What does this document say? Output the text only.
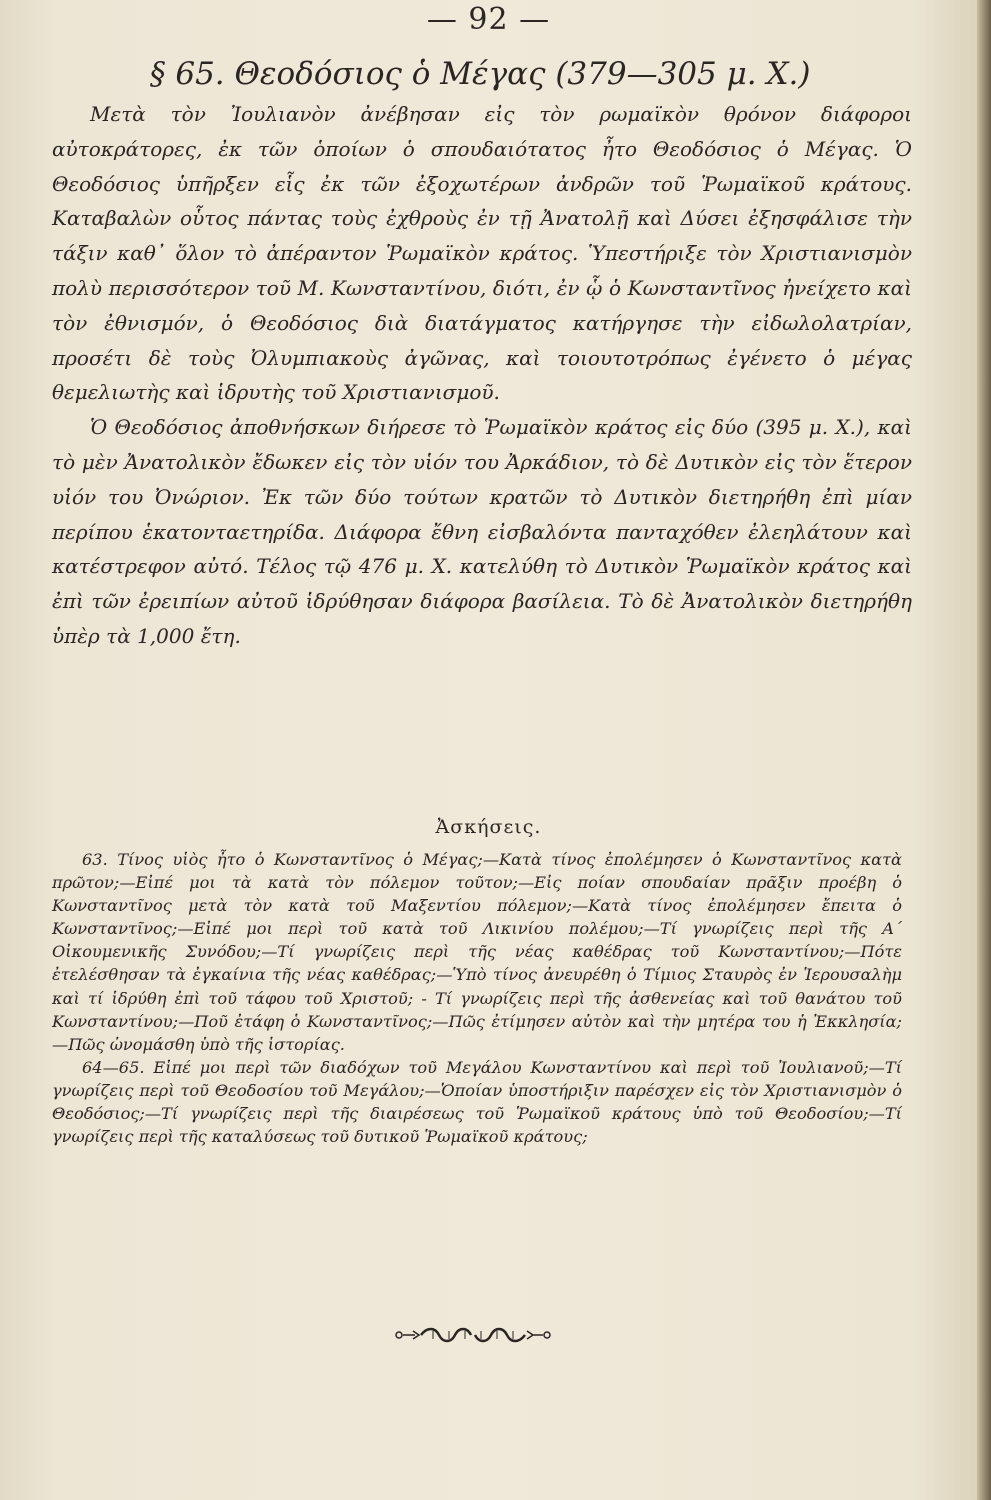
— 92 —
§ 65. Θεοδόσιος ὁ Μέγας (379—305 μ. Χ.)

Μετὰ τὸν Ἰουλιανὸν ἀνέβησαν εἰς τὸν ρωμαϊκὸν θρόνον διάφοροι αὐτοκράτορες, ἐκ τῶν ὁποίων ὁ σπουδαιότατος ἦτο Θεοδόσιος ὁ Μέγας. Ὁ Θεοδόσιος ὑπῆρξεν εἷς ἐκ τῶν ἐξοχωτέρων ἀνδρῶν τοῦ Ῥωμαϊκοῦ κράτους. Καταβαλὼν οὗτος πάντας τοὺς ἐχθροὺς ἐν τῇ Ἀνατολῇ καὶ Δύσει ἐξησφάλισε τὴν τάξιν καθ᾽ ὅλον τὸ ἀπέραντον Ῥωμαϊκὸν κράτος. Ὑπεστήριξε τὸν Χριστιανισμὸν πολὺ περισσότερον τοῦ Μ. Κωνσταντίνου, διότι, ἐν ᾧ ὁ Κωνσταντῖνος ἠνείχετο καὶ τὸν ἐθνισμόν, ὁ Θεοδόσιος διὰ διατάγματος κατήργησε τὴν εἰδωλολατρίαν, προσέτι δὲ τοὺς Ὀλυμπιακοὺς ἀγῶνας, καὶ τοιουτοτρόπως ἐγένετο ὁ μέγας θεμελιωτὴς καὶ ἱδρυτὴς τοῦ Χριστιανισμοῦ.

Ὁ Θεοδόσιος ἀποθνήσκων διήρεσε τὸ Ῥωμαϊκὸν κράτος εἰς δύο (395 μ. Χ.), καὶ τὸ μὲν Ἀνατολικὸν ἔδωκεν εἰς τὸν υἱόν του Ἀρκάδιον, τὸ δὲ Δυτικὸν εἰς τὸν ἕτερον υἱόν του Ὀνώριον. Ἐκ τῶν δύο τούτων κρατῶν τὸ Δυτικὸν διετηρήθη ἐπὶ μίαν περίπου ἑκατονταετηρίδα. Διάφορα ἔθνη εἰσβαλόντα πανταχόθεν ἐλεηλάτουν καὶ κατέστρεφον αὐτό. Τέλος τῷ 476 μ. Χ. κατελύθη τὸ Δυτικὸν Ῥωμαϊκὸν κράτος καὶ ἐπὶ τῶν ἐρειπίων αὐτοῦ ἱδρύθησαν διάφορα βασίλεια. Τὸ δὲ Ἀνατολικὸν διετηρήθη ὑπὲρ τὰ 1,000 ἔτη.

Ἀσκήσεις.

63. Τίνος υἱὸς ἦτο ὁ Κωνσταντῖνος ὁ Μέγας;—Κατὰ τίνος ἐπολέμησεν ὁ Κωνσταντῖνος κατὰ πρῶτον;—Εἰπέ μοι τὰ κατὰ τὸν πόλεμον τοῦτον;—Εἰς ποίαν σπουδαίαν πρᾶξιν προέβη ὁ Κωνσταντῖνος μετὰ τὸν κατὰ τοῦ Μαξεντίου πόλεμον;—Κατὰ τίνος ἐπολέμησεν ἔπειτα ὁ Κωνσταντῖνος;—Εἰπέ μοι περὶ τοῦ κατὰ τοῦ Λικινίου πολέμου;—Τί γνωρίζεις περὶ τῆς Α΄ Οἰκουμενικῆς Συνόδου;—Τί γνωρίζεις περὶ τῆς νέας καθέδρας τοῦ Κωνσταντίνου;—Πότε ἐτελέσθησαν τὰ ἐγκαίνια τῆς νέας καθέδρας;—Ὑπὸ τίνος ἀνευρέθη ὁ Τίμιος Σταυρὸς ἐν Ἱερουσαλὴμ καὶ τί ἱδρύθη ἐπὶ τοῦ τάφου τοῦ Χριστοῦ; - Τί γνωρίζεις περὶ τῆς ἀσθενείας καὶ τοῦ θανάτου τοῦ Κωνσταντίνου;—Ποῦ ἐτάφη ὁ Κωνσταντῖνος;—Πῶς ἐτίμησεν αὐτὸν καὶ τὴν μητέρα του ἡ Ἐκκλησία;—Πῶς ὠνομάσθη ὑπὸ τῆς ἱστορίας.

64—65. Εἰπέ μοι περὶ τῶν διαδόχων τοῦ Μεγάλου Κωνσταντίνου καὶ περὶ τοῦ Ἰουλιανοῦ;—Τί γνωρίζεις περὶ τοῦ Θεοδοσίου τοῦ Μεγάλου;—Ὁποίαν ὑποστήριξιν παρέσχεν εἰς τὸν Χριστιανισμὸν ὁ Θεοδόσιος;—Τί γνωρίζεις περὶ τῆς διαιρέσεως τοῦ Ῥωμαϊκοῦ κράτους ὑπὸ τοῦ Θεοδοσίου;—Τί γνωρίζεις περὶ τῆς καταλύσεως τοῦ δυτικοῦ Ῥωμαϊκοῦ κράτους;
